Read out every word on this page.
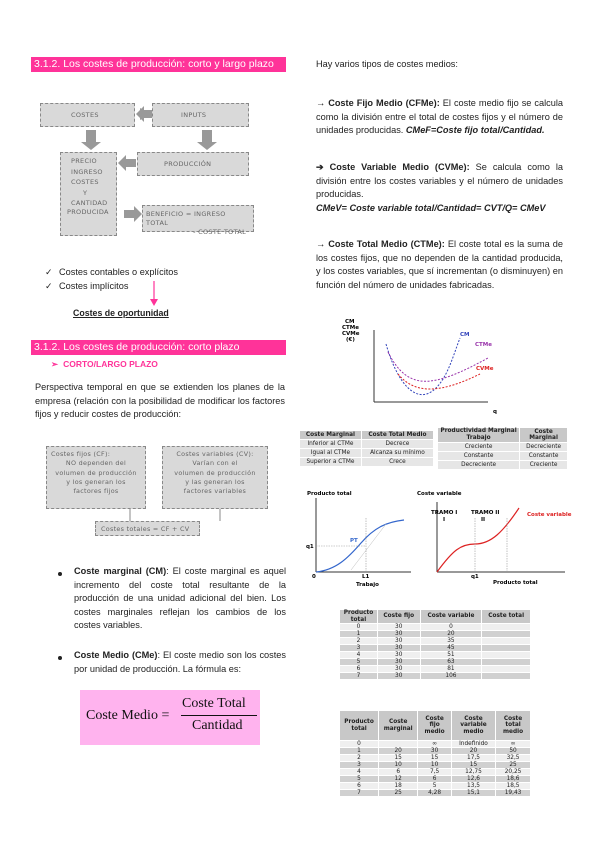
3.1.2. Los costes de producción: corto y largo plazo
COSTES	INPUTS
PRECIO
INGRESO
COSTES
Y
CANTIDAD
PRODUCIDA
PRODUCCIÓN
BENEFICIO = INGRESO TOTAL
- COSTE TOTAL
✓ Costes contables o explícitos
✓ Costes implícitos
Costes de oportunidad
3.1.2. Los costes de producción: corto plazo
➢ CORTO/LARGO PLAZO
Perspectiva temporal en que se extienden los planes de la empresa (relación con la posibilidad de modificar los factores fijos y reducir costes de producción:
Costes fijos (CF):
NO dependen del
volumen de producción
y los generan los
factores fijos
Costes variables (CV):
Varían con el
volumen de producción
y las generan los
factores variables
Costes totales = CF + CV
Coste marginal (CM): El coste marginal es aquel incremento del coste total resultante de la producción de una unidad adicional del bien. Los costes marginales reflejan los cambios de los costes variables.
Coste Medio (CMe): El coste medio son los costes por unidad de producción. La fórmula es:
Coste Medio =
Coste Total
Cantidad
Hay varios tipos de costes medios:
→ Coste Fijo Medio (CFMe): El coste medio fijo se calcula como la división entre el total de costes fijos y el número de unidades producidas. CMeF=Coste fijo total/Cantidad.
➔ Coste Variable Medio (CVMe): Se calcula como la división entre los costes variables y el número de unidades producidas.
CMeV= Coste variable total/Cantidad= CVT/Q= CMeV
→ Coste Total Medio (CTMe): El coste total es la suma de los costes fijos, que no dependen de la cantidad producida, y los costes variables, que sí incrementan (o disminuyen) en función del número de unidades fabricadas.
CM
CTMe
CVMe
(€)
CM
CTMe
CVMe
q
Coste Marginal	Coste Total Medio
Inferior al CTMe	Decrece
Igual al CTMe	Alcanza su mínimo
Superior a CTMe	Crece
Productividad Marginal Trabajo	Coste Marginal
Creciente	Decreciente
Constante	Constante
Decreciente	Creciente
Producto total
PT
q1
L1
Trabajo
0
Coste variable
TRAMO I
I
TRAMO II
II
Coste variable
q1
Producto total
Producto total	Coste fijo	Coste variable	Coste total
0	30	0	
1	30	20	
2	30	35	
3	30	45	
4	30	51	
5	30	63	
6	30	81	
7	30	106	
Producto total	Coste marginal	Coste fijo medio	Coste variable medio	Coste total medio
0		∞	Indefinido	∞
1	20	30	20	50
2	15	15	17,5	32,5
3	10	10	15	25
4	6	7,5	12,75	20,25
5	12	6	12,6	18,6
6	18	5	13,5	18,5
7	25	4,28	15,1	19,43
